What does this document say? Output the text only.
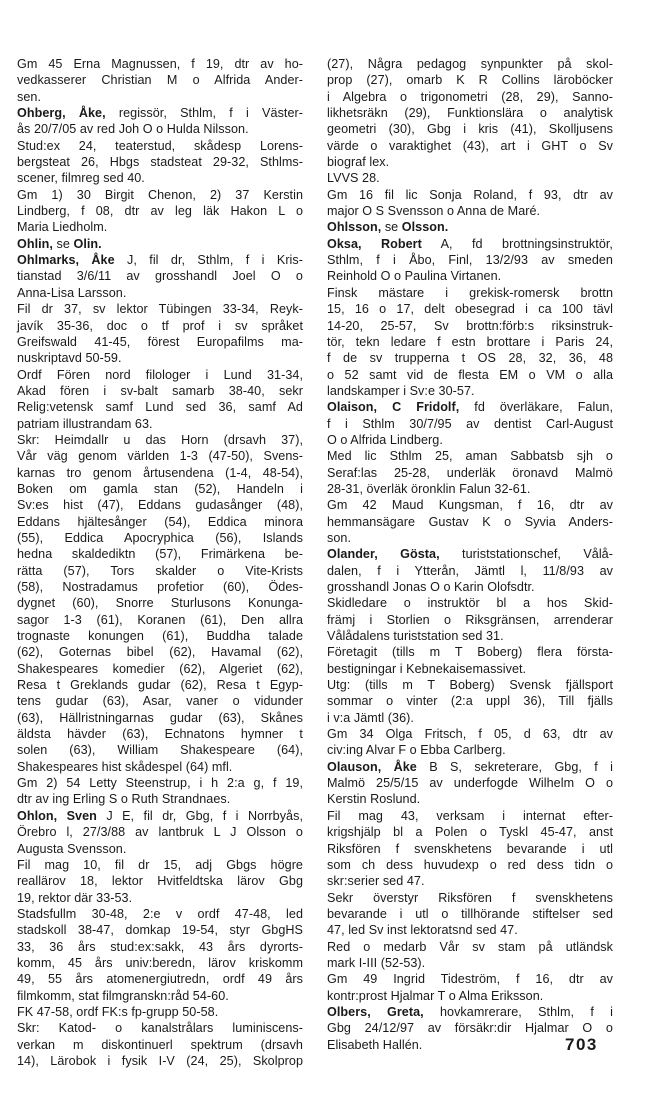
Gm 45 Erna Magnussen, f 19, dtr av ho-
vedkasserer Christian M o Alfrida Ander-
sen.
Ohberg, Åke, regissör, Sthlm, f i Väster-
ås 20/7/05 av red Joh O o Hulda Nilsson.
Stud:ex 24, teaterstud, skådesp Lorens-
bergsteat 26, Hbgs stadsteat 29-32, Sthlms-
scener, filmreg sed 40.
Gm 1) 30 Birgit Chenon, 2) 37 Kerstin
Lindberg, f 08, dtr av leg läk Hakon L o
Maria Liedholm.
Ohlin, se Olin.
Ohlmarks, Åke J, fil dr, Sthlm, f i Kris-
tianstad 3/6/11 av grosshandl Joel O o
Anna-Lisa Larsson.
Fil dr 37, sv lektor Tübingen 33-34, Reyk-
javík 35-36, doc o tf prof i sv språket
Greifswald 41-45, förest Europafilms ma-
nuskriptavd 50-59.
Ordf Fören nord filologer i Lund 31-34,
Akad fören i sv-balt samarb 38-40, sekr
Relig:vetensk samf Lund sed 36, samf Ad
patriam illustrandam 63.
Skr: Heimdallr u das Horn (drsavh 37),
Vår väg genom världen 1-3 (47-50), Svens-
karnas tro genom årtusendena (1-4, 48-54),
Boken om gamla stan (52), Handeln i
Sv:es hist (47), Eddans gudasånger (48),
Eddans hjältesånger (54), Eddica minora
(55), Eddica Apocryphica (56), Islands
hedna skaldediktn (57), Frimärkena be-
rätta (57), Tors skalder o Vite-Krists
(58), Nostradamus profetior (60), Ödes-
dygnet (60), Snorre Sturlusons Konunga-
sagor 1-3 (61), Koranen (61), Den allra
trognaste konungen (61), Buddha talade
(62), Goternas bibel (62), Havamal (62),
Shakespeares komedier (62), Algeriet (62),
Resa t Greklands gudar (62), Resa t Egyp-
tens gudar (63), Asar, vaner o vidunder
(63), Hällristningarnas gudar (63), Skånes
äldsta hävder (63), Echnatons hymner t
solen (63), William Shakespeare (64),
Shakespeares hist skådespel (64) mfl.
Gm 2) 54 Letty Steenstrup, i h 2:a g, f 19,
dtr av ing Erling S o Ruth Strandnaes.
Ohlon, Sven J E, fil dr, Gbg, f i Norrbyås,
Örebro l, 27/3/88 av lantbruk L J Olsson o
Augusta Svensson.
Fil mag 10, fil dr 15, adj Gbgs högre
reallärov 18, lektor Hvitfeldtska lärov Gbg
19, rektor där 33-53.
Stadsfullm 30-48, 2:e v ordf 47-48, led
stadskoll 38-47, domkap 19-54, styr GbgHS
33, 36 års stud:ex:sakk, 43 års dyrorts-
komm, 45 års univ:beredn, lärov kriskomm
49, 55 års atomenergiutredn, ordf 49 års
filmkomm, stat filmgranskn:råd 54-60.
FK 47-58, ordf FK:s fp-grupp 50-58.
Skr: Katod- o kanalstrålars luminiscens-
verkan m diskontinuerl spektrum (drsavh
14), Lärobok i fysik I-V (24, 25), Skolprop
(27), Några pedagog synpunkter på skol-
prop (27), omarb K R Collins läroböcker
i Algebra o trigonometri (28, 29), Sanno-
likhetsräkn (29), Funktionslära o analytisk
geometri (30), Gbg i kris (41), Skolljusens
värde o varaktighet (43), art i GHT o Sv
biograf lex.
LVVS 28.
Gm 16 fil lic Sonja Roland, f 93, dtr av
major O S Svensson o Anna de Maré.
Ohlsson, se Olsson.
Oksa, Robert A, fd brottningsinstruktör,
Sthlm, f i Åbo, Finl, 13/2/93 av smeden
Reinhold O o Paulina Virtanen.
Finsk mästare i grekisk-romersk brottn
15, 16 o 17, delt obesegrad i ca 100 tävl
14-20, 25-57, Sv brottn:förb:s riksinstruk-
tör, tekn ledare f estn brottare i Paris 24,
f de sv trupperna t OS 28, 32, 36, 48
o 52 samt vid de flesta EM o VM o alla
landskamper i Sv:e 30-57.
Olaison, C Fridolf, fd överläkare, Falun,
f i Sthlm 30/7/95 av dentist Carl-August
O o Alfrida Lindberg.
Med lic Sthlm 25, aman Sabbatsb sjh o
Seraf:las 25-28, underläk öronavd Malmö
28-31, överläk öronklin Falun 32-61.
Gm 42 Maud Kungsman, f 16, dtr av
hemmansägare Gustav K o Syvia Anders-
son.
Olander, Gösta, turiststationschef, Vålå-
dalen, f i Ytterån, Jämtl l, 11/8/93 av
grosshandl Jonas O o Karin Olofsdtr.
Skidledare o instruktör bl a hos Skid-
främj i Storlien o Riksgränsen, arrenderar
Vålådalens turiststation sed 31.
Företagit (tills m T Boberg) flera första-
bestigningar i Kebnekaisemassivet.
Utg: (tills m T Boberg) Svensk fjällsport
sommar o vinter (2:a uppl 36), Till fjälls
i v:a Jämtl (36).
Gm 34 Olga Fritsch, f 05, d 63, dtr av
civ:ing Alvar F o Ebba Carlberg.
Olauson, Åke B S, sekreterare, Gbg, f i
Malmö 25/5/15 av underfogde Wilhelm O o
Kerstin Roslund.
Fil mag 43, verksam i internat efter-
krigshjälp bl a Polen o Tyskl 45-47, anst
Riksfören f svenskhetens bevarande i utl
som ch dess huvudexp o red dess tidn o
skr:serier sed 47.
Sekr överstyr Riksfören f svenskhetens
bevarande i utl o tillhörande stiftelser sed
47, led Sv inst lektoratsnd sed 47.
Red o medarb Vår sv stam på utländsk
mark I-III (52-53).
Gm 49 Ingrid Tideström, f 16, dtr av
kontr:prost Hjalmar T o Alma Eriksson.
Olbers, Greta, hovkamrerare, Sthlm, f i
Gbg 24/12/97 av försäkr:dir Hjalmar O o
Elisabeth Hallén.	703
